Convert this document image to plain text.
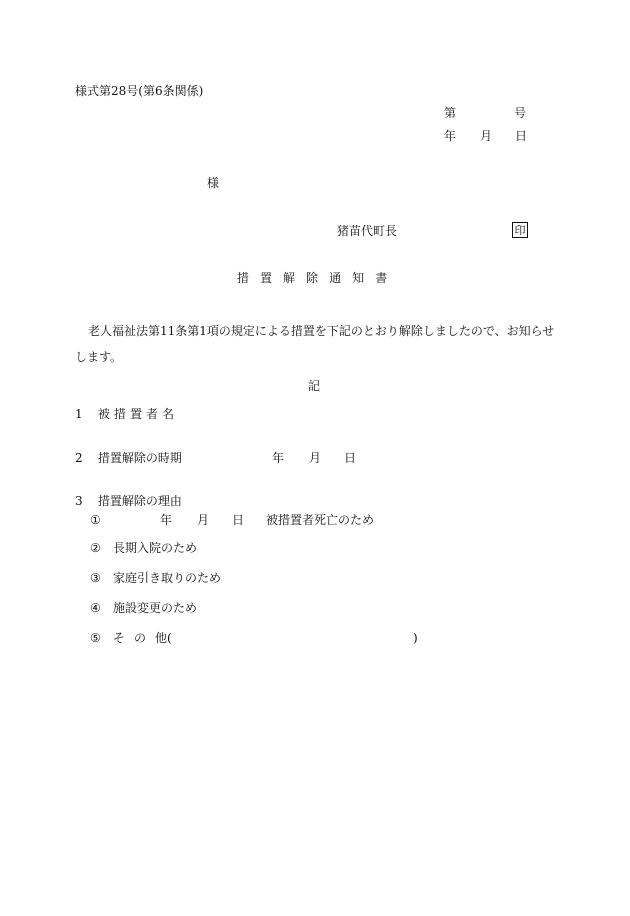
様式第28号(第6条関係)
第	号
年 月 日
様
猪苗代町長	印
措 置 解 除 通 知 書
老人福祉法第11条第1項の規定による措置を下記のとおり解除しましたので、お知らせします。
記
1 被 措 置 者 名
2 措置解除の時期	年 月 日
3 措置解除の理由
①	年 月 日 被措置者死亡のため
② 長期入院のため
③ 家庭引き取りのため
④ 施設変更のため
⑤ そ の 他(	)
